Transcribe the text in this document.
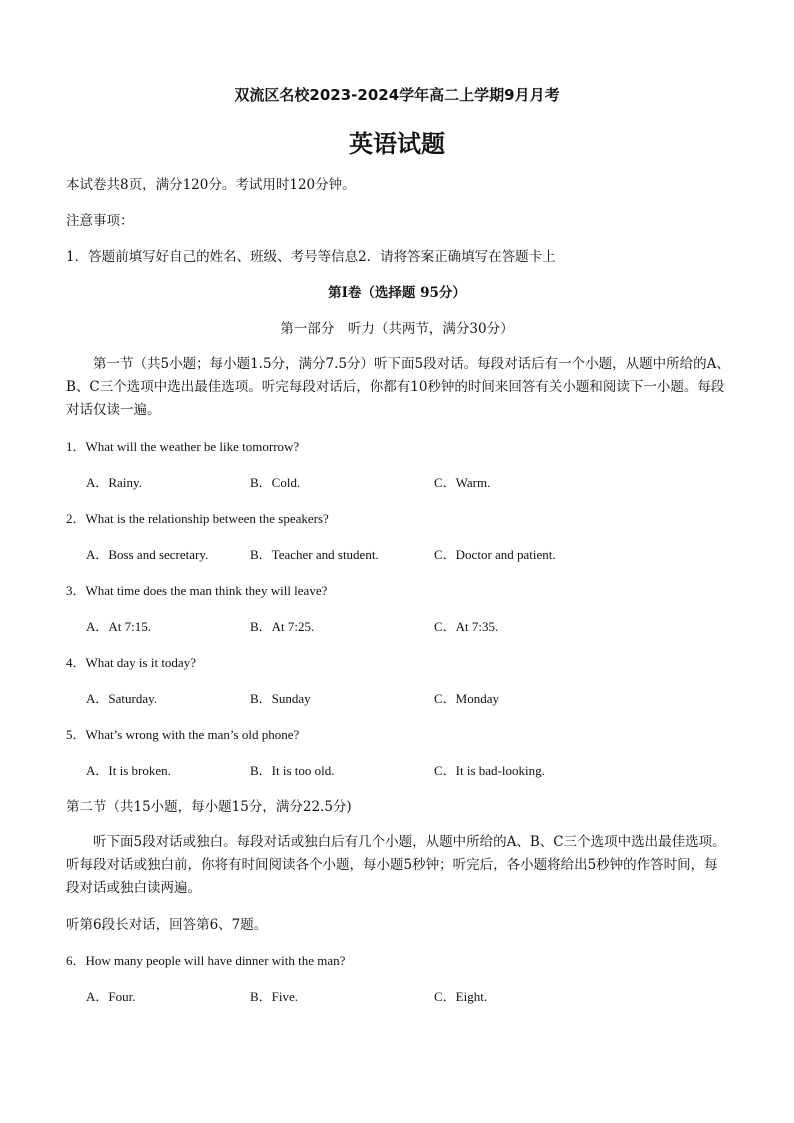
双流区名校2023-2024学年高二上学期9月月考
英语试题
本试卷共8页，满分120分。考试用时120分钟。
注意事项：
1．答题前填写好自己的姓名、班级、考号等信息2．请将答案正确填写在答题卡上
第I卷（选择题 95分）
第一部分　听力（共两节，满分30分）
第一节（共5小题；每小题1.5分，满分7.5分）听下面5段对话。每段对话后有一个小题，从题中所给的A、B、C三个选项中选出最佳选项。听完每段对话后，你都有10秒钟的时间来回答有关小题和阅读下一小题。每段对话仅读一遍。
1．What will the weather be like tomorrow?
A．Rainy.	B．Cold.	C．Warm.
2．What is the relationship between the speakers?
A．Boss and secretary.	B．Teacher and student.	C．Doctor and patient.
3．What time does the man think they will leave?
A．At 7:15.	B．At 7:25.	C．At 7:35.
4．What day is it today?
A．Saturday.	B．Sunday	C．Monday
5．What’s wrong with the man’s old phone?
A．It is broken.	B．It is too old.	C．It is bad-looking.
第二节（共15小题，每小题15分，满分22.5分)
听下面5段对话或独白。每段对话或独白后有几个小题，从题中所给的A、B、C三个选项中选出最佳选项。听每段对话或独白前，你将有时间阅读各个小题，每小题5秒钟；听完后，各小题将给出5秒钟的作答时间，每段对话或独白读两遍。
听第6段长对话，回答第6、7题。
6．How many people will have dinner with the man?
A．Four.	B．Five.	C．Eight.
